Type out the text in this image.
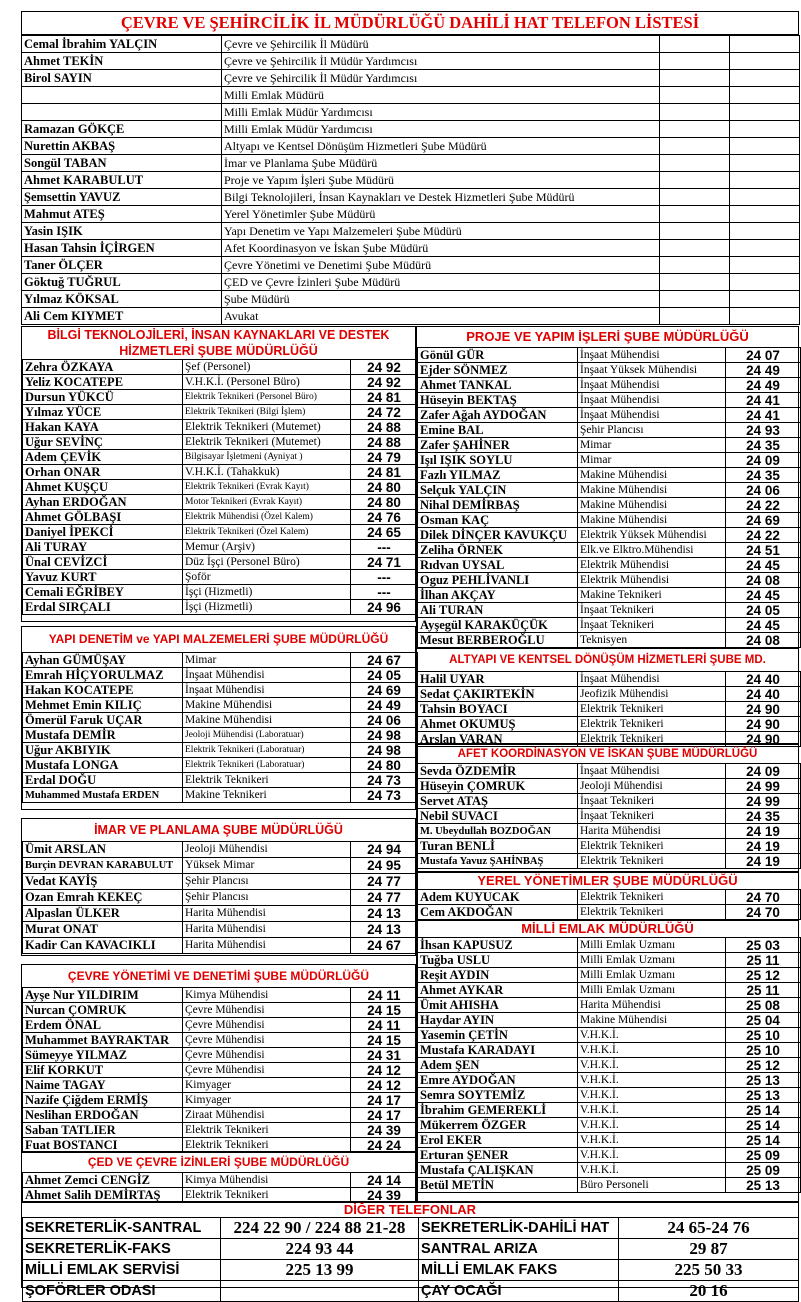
ÇEVRE VE ŞEHİRCİLİK İL MÜDÜRLÜĞÜ DAHİLİ HAT TELEFON LİSTESİ
Cemal İbrahim YALÇIN	Çevre ve Şehircilik İl Müdürü		
Ahmet TEKİN	Çevre ve Şehircilik İl Müdür Yardımcısı		
Birol SAYIN	Çevre ve Şehircilik İl Müdür Yardımcısı		
	Milli Emlak Müdürü		
	Milli Emlak Müdür Yardımcısı		
Ramazan GÖKÇE	Milli Emlak Müdür Yardımcısı		
Nurettin AKBAŞ	Altyapı ve Kentsel Dönüşüm Hizmetleri Şube Müdürü		
Songül TABAN	İmar ve Planlama Şube Müdürü		
Ahmet KARABULUT	Proje ve Yapım İşleri Şube Müdürü		
Şemsettin YAVUZ	Bilgi Teknolojileri, İnsan Kaynakları ve Destek Hizmetleri Şube Müdürü		
Mahmut ATEŞ	Yerel Yönetimler Şube Müdürü		
Yasin IŞIK	Yapı Denetim ve Yapı Malzemeleri Şube Müdürü		
Hasan Tahsin İÇİRGEN	Afet Koordinasyon ve İskan Şube Müdürü		
Taner ÖLÇER	Çevre Yönetimi ve Denetimi Şube Müdürü		
Göktuğ TUĞRUL	ÇED ve Çevre İzinleri Şube Müdürü		
Yılmaz KÖKSAL	Şube Müdürü		
Ali Cem KIYMET	Avukat		
BİLGİ TEKNOLOJİLERİ, İNSAN KAYNAKLARI VE DESTEK
HİZMETLERİ ŞUBE MÜDÜRLÜĞÜ
Zehra ÖZKAYA	Şef (Personel)	24 92
Yeliz KOCATEPE	V.H.K.İ. (Personel Büro)	24 92
Dursun YÜKCÜ	Elektrik Teknikeri (Personel Büro)	24 81
Yılmaz YÜCE	Elektrik Teknikeri (Bilgi İşlem)	24 72
Hakan KAYA	Elektrik Teknikeri (Mutemet)	24 88
Uğur SEVİNÇ	Elektrik Teknikeri (Mutemet)	24 88
Adem ÇEVİK	Bilgisayar İşletmeni (Ayniyat )	24 79
Orhan ONAR	V.H.K.İ. (Tahakkuk)	24 81
Ahmet KUŞÇU	Elektrik Teknikeri (Evrak Kayıt)	24 80
Ayhan ERDOĞAN	Motor Teknikeri (Evrak Kayıt)	24 80
Ahmet GÖLBAŞI	Elektrik Mühendisi (Özel Kalem)	24 76
Daniyel İPEKCİ	Elektrik Teknikeri (Özel Kalem)	24 65
Ali TURAY	Memur (Arşiv)	---
Ünal CEVİZCİ	Düz İşçi (Personel Büro)	24 71
Yavuz KURT	Şoför	---
Cemali EĞRİBEY	İşçi (Hizmetli)	---
Erdal SIRÇALI	İşçi (Hizmetli)	24 96
YAPI DENETİM ve YAPI MALZEMELERİ ŞUBE MÜDÜRLÜĞÜ
Ayhan GÜMÜŞAY	Mimar	24 67
Emrah HİÇYORULMAZ	İnşaat Mühendisi	24 05
Hakan KOCATEPE	İnşaat Mühendisi	24 69
Mehmet Emin KILIÇ	Makine Mühendisi	24 49
Ömerül Faruk UÇAR	Makine Mühendisi	24 06
Mustafa DEMİR	Jeoloji Mühendisi (Laboratuar)	24 98
Uğur AKBIYIK	Elektrik Teknikeri (Laboratuar)	24 98
Mustafa LONGA	Elektrik Teknikeri (Laboratuar)	24 80
Erdal DOĞU	Elektrik Teknikeri	24 73
Muhammed Mustafa ERDEN	Makine Teknikeri	24 73
İMAR VE PLANLAMA ŞUBE MÜDÜRLÜĞÜ
Ümit ARSLAN	Jeoloji Mühendisi	24 94
Burçin DEVRAN KARABULUT	Yüksek Mimar	24 95
Vedat KAYİŞ	Şehir Plancısı	24 77
Ozan Emrah KEKEÇ	Şehir Plancısı	24 77
Alpaslan ÜLKER	Harita Mühendisi	24 13
Murat ONAT	Harita Mühendisi	24 13
Kadir Can KAVACIKLI	Harita Mühendisi	24 67
ÇEVRE YÖNETİMİ VE DENETİMİ ŞUBE MÜDÜRLÜĞÜ
Ayşe Nur YILDIRIM	Kimya Mühendisi	24 11
Nurcan ÇOMRUK	Çevre Mühendisi	24 15
Erdem ÖNAL	Çevre Mühendisi	24 11
Muhammet BAYRAKTAR	Çevre Mühendisi	24 15
Sümeyye YILMAZ	Çevre Mühendisi	24 31
Elif KORKUT	Çevre Mühendisi	24 12
Naime TAGAY	Kimyager	24 12
Nazife Çiğdem ERMİŞ	Kimyager	24 17
Neslihan ERDOĞAN	Ziraat Mühendisi	24 17
Saban TATLIER	Elektrik Teknikeri	24 39
Fuat BOSTANCI	Elektrik Teknikeri	24 24
ÇED VE ÇEVRE İZİNLERİ ŞUBE MÜDÜRLÜĞÜ
Ahmet Zemci CENGİZ	Kimya Mühendisi	24 14
Ahmet Salih DEMİRTAŞ	Elektrik Teknikeri	24 39
PROJE VE YAPIM İŞLERİ ŞUBE MÜDÜRLÜĞÜ
Gönül GÜR	İnşaat Mühendisi	24 07
Ejder SÖNMEZ	İnşaat Yüksek Mühendisi	24 49
Ahmet TANKAL	İnşaat Mühendisi	24 49
Hüseyin BEKTAŞ	İnşaat Mühendisi	24 41
Zafer Ağah AYDOĞAN	İnşaat Mühendisi	24 41
Emine BAL	Şehir Plancısı	24 93
Zafer ŞAHİNER	Mimar	24 35
Işıl IŞIK SOYLU	Mimar	24 09
Fazlı YILMAZ	Makine Mühendisi	24 35
Selçuk YALÇIN	Makine Mühendisi	24 06
Nihal DEMİRBAŞ	Makine Mühendisi	24 22
Osman KAÇ	Makine Mühendisi	24 69
Dilek DİNÇER KAVUKÇU	Elektrik Yüksek Mühendisi	24 22
Zeliha ÖRNEK	Elk.ve Elktro.Mühendisi	24 51
Rıdvan UYSAL	Elektrik Mühendisi	24 45
Oguz PEHLİVANLI	Elektrik Mühendisi	24 08
İlhan AKÇAY	Makine Teknikeri	24 45
Ali TURAN	İnşaat Teknikeri	24 05
Ayşegül KARAKÜÇÜK	İnşaat Teknikeri	24 45
Mesut BERBEROĞLU	Teknisyen	24 08
ALTYAPI VE KENTSEL DÖNÜŞÜM HİZMETLERİ ŞUBE MD.
Halil UYAR	İnşaat Mühendisi	24 40
Sedat ÇAKIRTEKİN	Jeofizik Mühendisi	24 40
Tahsin BOYACI	Elektrik Teknikeri	24 90
Ahmet OKUMUŞ	Elektrik Teknikeri	24 90
Arslan VARAN	Elektrik Teknikeri	24 90
AFET KOORDİNASYON VE İSKAN ŞUBE MÜDÜRLÜĞÜ
Sevda ÖZDEMİR	İnşaat Mühendisi	24 09
Hüseyin ÇOMRUK	Jeoloji Mühendisi	24 99
Servet ATAŞ	İnşaat Teknikeri	24 99
Nebil SUVACI	İnşaat Teknikeri	24 35
M. Ubeydullah BOZDOĞAN	Harita Mühendisi	24 19
Turan BENLİ	Elektrik Teknikeri	24 19
Mustafa Yavuz ŞAHİNBAŞ	Elektrik Teknikeri	24 19
YEREL YÖNETİMLER ŞUBE MÜDÜRLÜĞÜ
Adem KUYUCAK	Elektrik Teknikeri	24 70
Cem AKDOĞAN	Elektrik Teknikeri	24 70
MİLLİ EMLAK MÜDÜRLÜĞÜ
İhsan KAPUSUZ	Milli Emlak Uzmanı	25 03
Tuğba USLU	Milli Emlak Uzmanı	25 11
Reşit AYDIN	Milli Emlak Uzmanı	25 12
Ahmet AYKAR	Milli Emlak Uzmanı	25 11
Ümit AHISHA	Harita Mühendisi	25 08
Haydar AYIN	Makine Mühendisi	25 04
Yasemin ÇETİN	V.H.K.İ.	25 10
Mustafa KARADAYI	V.H.K.İ.	25 10
Adem ŞEN	V.H.K.İ.	25 12
Emre AYDOĞAN	V.H.K.İ.	25 13
Semra SOYTEMİZ	V.H.K.İ.	25 13
İbrahim GEMEREKLİ	V.H.K.İ.	25 14
Mükerrem ÖZGER	V.H.K.İ.	25 14
Erol EKER	V.H.K.İ.	25 14
Erturan ŞENER	V.H.K.İ.	25 09
Mustafa ÇALIŞKAN	V.H.K.İ.	25 09
Betül METİN	Büro Personeli	25 13
DİĞER TELEFONLAR
SEKRETERLİK-SANTRAL	224 22 90 / 224 88 21-28	SEKRETERLİK-DAHİLİ HAT	24 65-24 76
SEKRETERLİK-FAKS	224 93 44	SANTRAL ARIZA	29 87
MİLLİ EMLAK SERVİSİ	225 13 99	MİLLİ EMLAK FAKS	225 50 33
ŞOFÖRLER ODASI		ÇAY OCAĞI	20 16
